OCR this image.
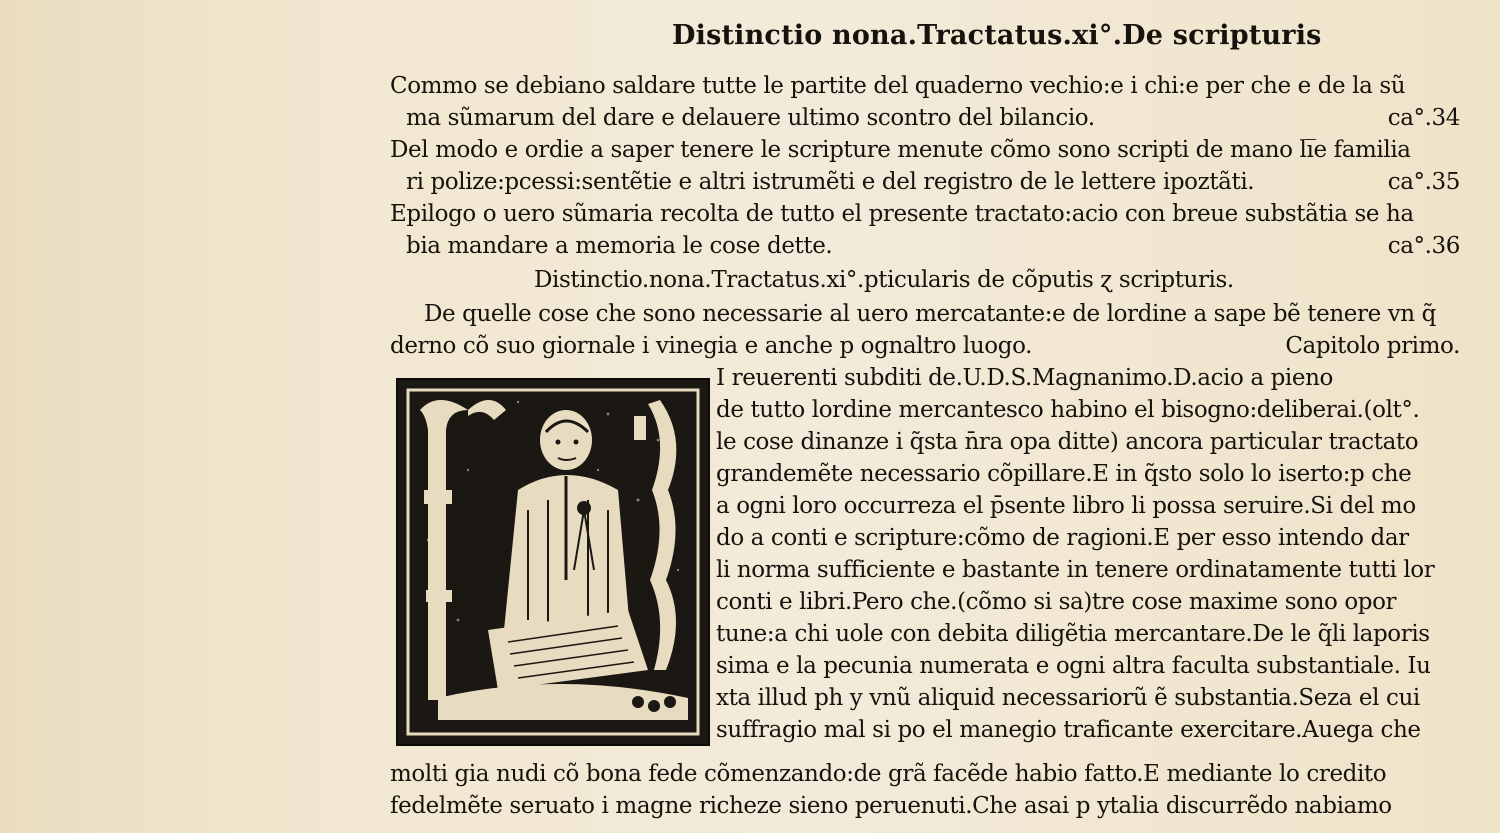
Distinctio nona.Tractatus.xi°.De scripturis
Commo se debiano saldare tutte le partite del quaderno vechio:e i chi:e per che e de la sũ
ma sũmarum del dare e delauere ultimo scontro del bilancio.	ca°.34
Del modo e ordie a saper tenere le scripture menute cõmo sono scripti de mano li̅e familia
ri polize:pcessi:sentẽtie e altri istrumẽti e del registro de le lettere ipoztãti.	ca°.35
Epilogo o uero sũmaria recolta de tutto el presente tractato:acio con breue substãtia se ha
bia mandare a memoria le cose dette.	ca°.36
Distinctio.nona.Tractatus.xi°.pticularis de cõputis ɀ scripturis.
De quelle cose che sono necessarie al uero mercatante:e de lordine a sape bẽ tenere vn q̃
derno cõ suo giornale i vinegia e anche p ognaltro luogo.	Capitolo primo.
I reuerenti subditi de.U.D.S.Magnanimo.D.acio a pieno
de tutto lordine mercantesco habino el bisogno:deliberai.(olt°.
le cose dinanze i q̃sta n̄ra opa ditte) ancora particular tractato
grandemẽte necessario cõpillare.E in q̃sto solo lo iserto:p che
a ogni loro occurreza el p̄sente libro li possa seruire.Si del mo
do a conti e scripture:cõmo de ragioni.E per esso intendo dar
li norma sufficiente e bastante in tenere ordinatamente tutti lor
conti e libri.Pero che.(cõmo si sa)tre cose maxime sono opor
tune:a chi uole con debita diligẽtia mercantare.De le q̃li laporis
sima e la pecunia numerata e ogni altra faculta substantiale. Iu
xta illud ph y vnũ aliquid necessariorũ ẽ substantia.Seza el cui
suffragio mal si po el manegio traficante exercitare.Auega che
molti gia nudi cõ bona fede cõmenzando:de grã facẽde habio fatto.E mediante lo credito
fedelmẽte seruato i magne richeze sieno peruenuti.Che asai p ytalia discurrẽdo nabiamo
